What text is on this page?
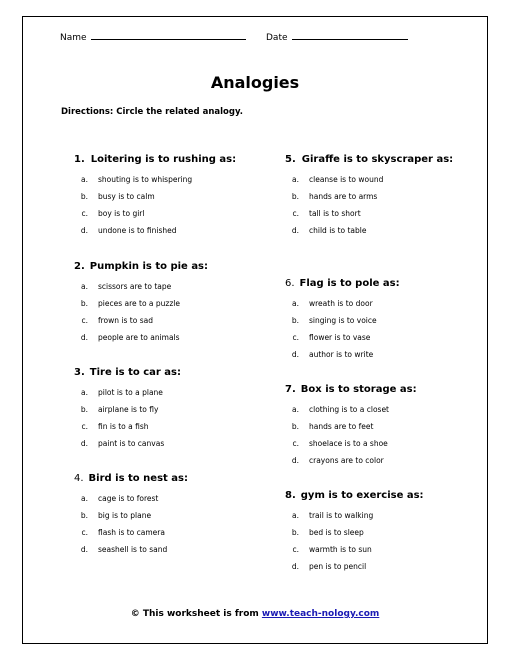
Name	Date
Analogies
Directions: Circle the related analogy.
1. Loitering is to rushing as:
a. shouting is to whispering
b. busy is to calm
c. boy is to girl
d. undone is to finished
2. Pumpkin is to pie as:
a. scissors are to tape
b. pieces are to a puzzle
c. frown is to sad
d. people are to animals
3. Tire is to car as:
a. pilot is to a plane
b. airplane is to fly
c. fin is to a fish
d. paint is to canvas
4. Bird is to nest as:
a. cage is to forest
b. big is to plane
c. flash is to camera
d. seashell is to sand
5. Giraffe is to skyscraper as:
a. cleanse is to wound
b. hands are to arms
c. tall is to short
d. child is to table
6. Flag is to pole as:
a. wreath is to door
b. singing is to voice
c. flower is to vase
d. author is to write
7. Box is to storage as:
a. clothing is to a closet
b. hands are to feet
c. shoelace is to a shoe
d. crayons are to color
8. gym is to exercise as:
a. trail is to walking
b. bed is to sleep
c. warmth is to sun
d. pen is to pencil
© This worksheet is from www.teach-nology.com
